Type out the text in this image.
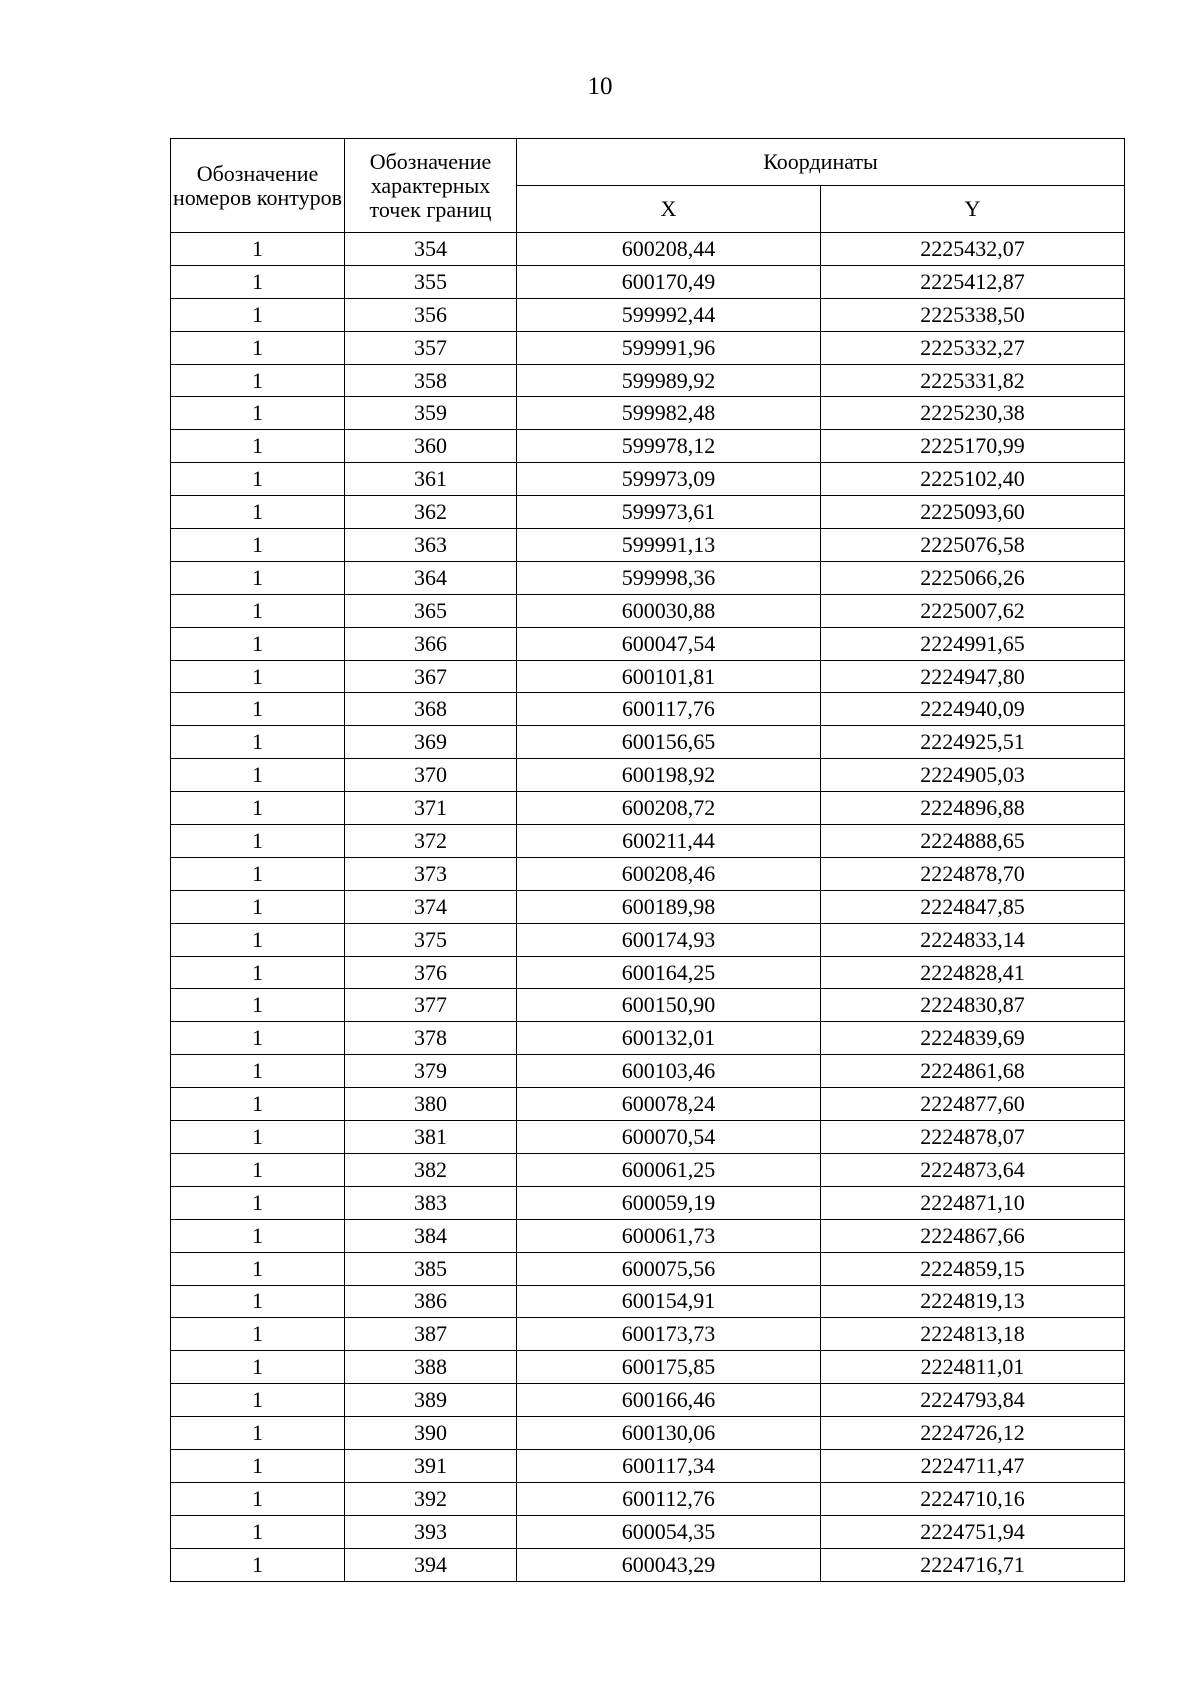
10
Обозначение номеров контуров	Обозначение характерных точек границ	Координаты	
		X	Y
1	354	600208,44	2225432,07
1	355	600170,49	2225412,87
1	356	599992,44	2225338,50
1	357	599991,96	2225332,27
1	358	599989,92	2225331,82
1	359	599982,48	2225230,38
1	360	599978,12	2225170,99
1	361	599973,09	2225102,40
1	362	599973,61	2225093,60
1	363	599991,13	2225076,58
1	364	599998,36	2225066,26
1	365	600030,88	2225007,62
1	366	600047,54	2224991,65
1	367	600101,81	2224947,80
1	368	600117,76	2224940,09
1	369	600156,65	2224925,51
1	370	600198,92	2224905,03
1	371	600208,72	2224896,88
1	372	600211,44	2224888,65
1	373	600208,46	2224878,70
1	374	600189,98	2224847,85
1	375	600174,93	2224833,14
1	376	600164,25	2224828,41
1	377	600150,90	2224830,87
1	378	600132,01	2224839,69
1	379	600103,46	2224861,68
1	380	600078,24	2224877,60
1	381	600070,54	2224878,07
1	382	600061,25	2224873,64
1	383	600059,19	2224871,10
1	384	600061,73	2224867,66
1	385	600075,56	2224859,15
1	386	600154,91	2224819,13
1	387	600173,73	2224813,18
1	388	600175,85	2224811,01
1	389	600166,46	2224793,84
1	390	600130,06	2224726,12
1	391	600117,34	2224711,47
1	392	600112,76	2224710,16
1	393	600054,35	2224751,94
1	394	600043,29	2224716,71
